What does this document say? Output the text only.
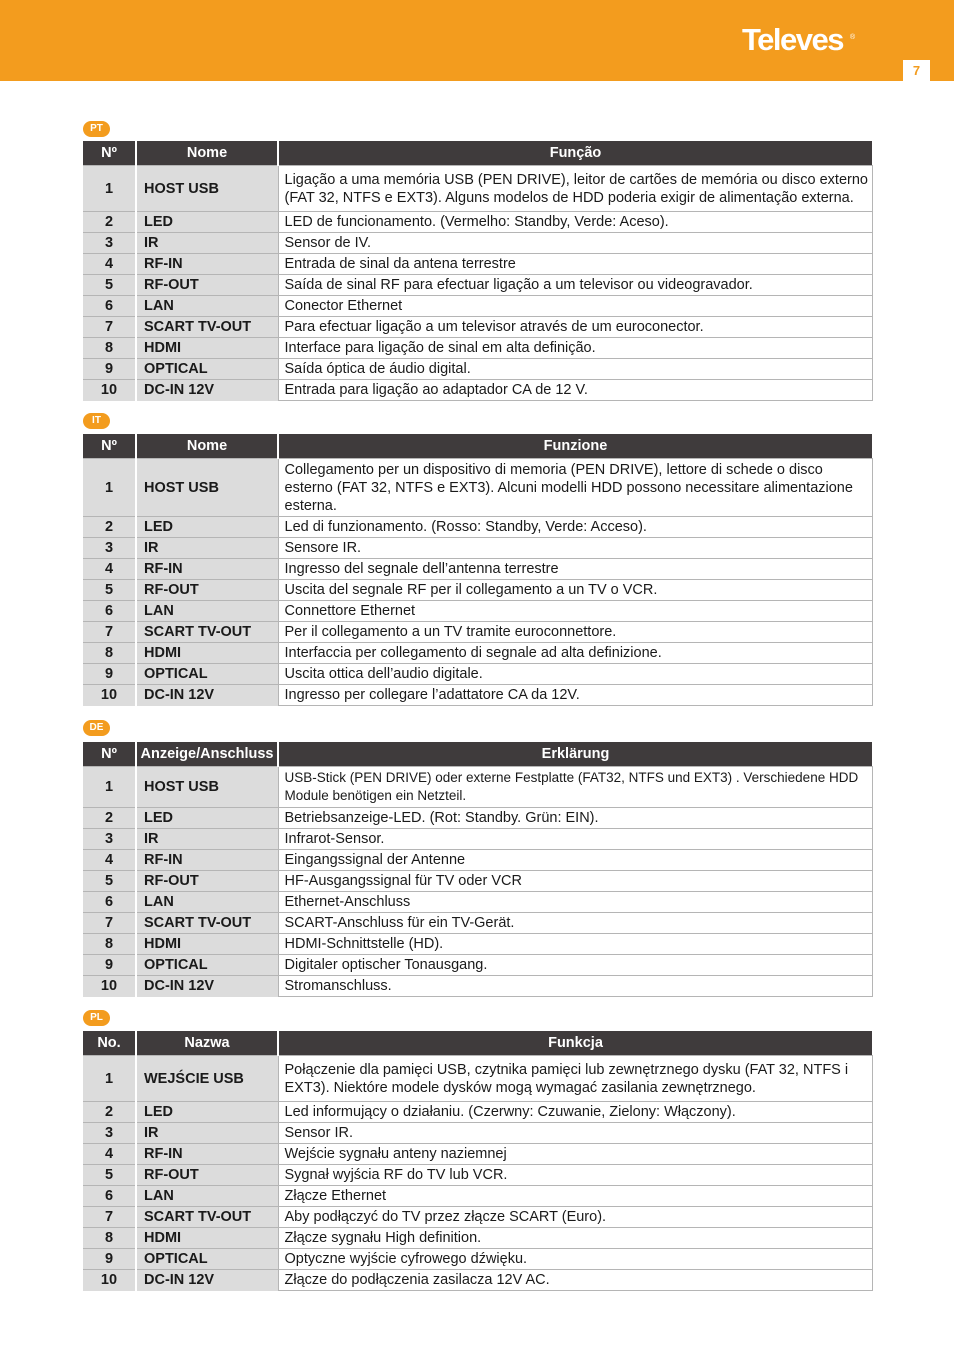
Televes ®
7
PT
Nº	Nome	Função
1	HOST USB	Ligação a uma memória USB (PEN DRIVE), leitor de cartões de memória ou disco externo (FAT 32, NTFS e EXT3). Alguns modelos de HDD poderia exigir de alimentação externa.
2	LED	LED de funcionamento. (Vermelho: Standby, Verde: Aceso).
3	IR	Sensor de IV.
4	RF-IN	Entrada de sinal da antena terrestre
5	RF-OUT	Saída de sinal RF para efectuar ligação a um televisor ou videogravador.
6	LAN	Conector Ethernet
7	SCART TV-OUT	Para efectuar ligação a um televisor através de um euroconector.
8	HDMI	Interface para ligação de sinal em alta definição.
9	OPTICAL	Saída óptica de áudio digital.
10	DC-IN 12V	Entrada para ligação ao adaptador CA de 12 V.
IT
Nº	Nome	Funzione
1	HOST USB	Collegamento per un dispositivo di memoria (PEN DRIVE), lettore di schede o disco esterno (FAT 32, NTFS e EXT3). Alcuni modelli HDD possono necessitare alimentazione esterna.
2	LED	Led di funzionamento. (Rosso: Standby, Verde: Acceso).
3	IR	Sensore IR.
4	RF-IN	Ingresso del segnale dell’antenna terrestre
5	RF-OUT	Uscita del segnale RF per il collegamento a un TV o VCR.
6	LAN	Connettore Ethernet
7	SCART TV-OUT	Per il collegamento a un TV tramite euroconnettore.
8	HDMI	Interfaccia per collegamento di segnale ad alta definizione.
9	OPTICAL	Uscita ottica dell’audio digitale.
10	DC-IN 12V	Ingresso per collegare l’adattatore CA da 12V.
DE
Nº	Anzeige/Anschluss	Erklärung
1	HOST USB	USB-Stick (PEN DRIVE) oder externe Festplatte (FAT32, NTFS und EXT3) . Verschiedene HDD Module benötigen ein Netzteil.
2	LED	Betriebsanzeige-LED. (Rot: Standby. Grün: EIN).
3	IR	Infrarot-Sensor.
4	RF-IN	Eingangssignal der Antenne
5	RF-OUT	HF-Ausgangssignal für TV oder VCR
6	LAN	Ethernet-Anschluss
7	SCART TV-OUT	SCART-Anschluss für ein TV-Gerät.
8	HDMI	HDMI-Schnittstelle (HD).
9	OPTICAL	Digitaler optischer Tonausgang.
10	DC-IN 12V	Stromanschluss.
PL
No.	Nazwa	Funkcja
1	WEJŚCIE USB	Połączenie dla pamięci USB, czytnika pamięci lub zewnętrznego dysku (FAT 32, NTFS i EXT3). Niektóre modele dysków mogą wymagać zasilania zewnętrznego.
2	LED	Led informujący o działaniu. (Czerwny: Czuwanie, Zielony: Włączony).
3	IR	Sensor IR.
4	RF-IN	Wejście sygnału anteny naziemnej
5	RF-OUT	Sygnał wyjścia RF do TV lub VCR.
6	LAN	Złącze Ethernet
7	SCART TV-OUT	Aby podłączyć do TV przez złącze SCART (Euro).
8	HDMI	Złącze sygnału High definition.
9	OPTICAL	Optyczne wyjście cyfrowego dźwięku.
10	DC-IN 12V	Złącze do podłączenia zasilacza 12V AC.
